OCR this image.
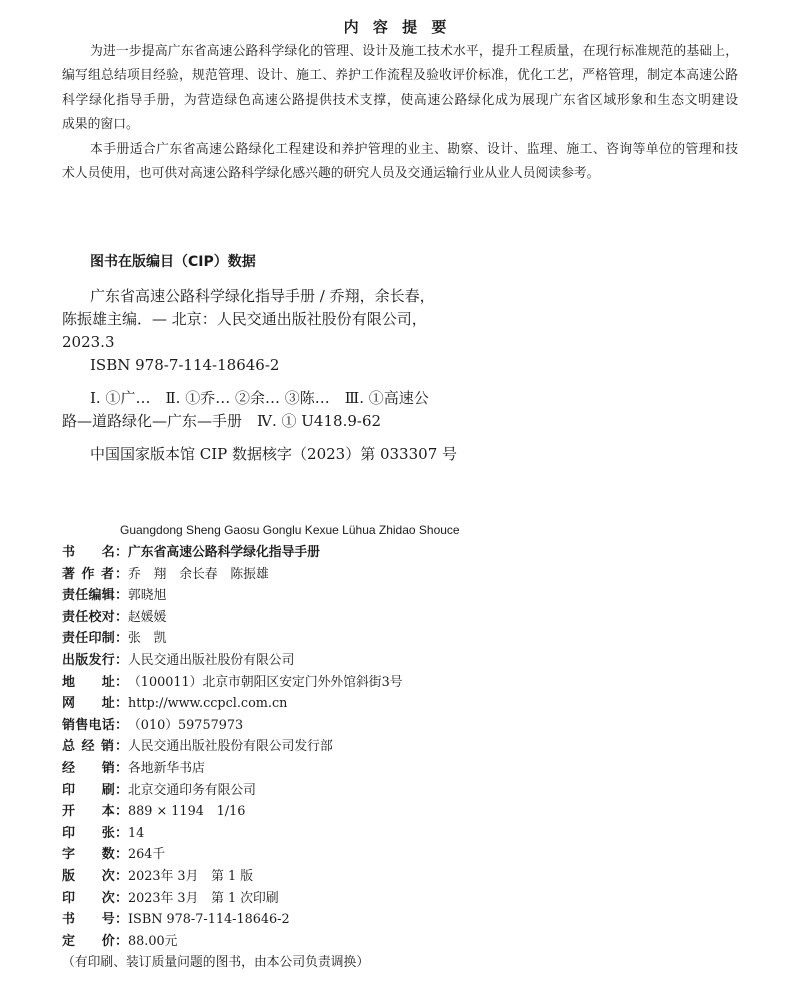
内 容 提 要
为进一步提高广东省高速公路科学绿化的管理、设计及施工技术水平，提升工程质量，在现行标准规范的基础上，
编写组总结项目经验，规范管理、设计、施工、养护工作流程及验收评价标准，优化工艺，严格管理，制定本高速公路
科学绿化指导手册，为营造绿色高速公路提供技术支撑，使高速公路绿化成为展现广东省区域形象和生态文明建设
成果的窗口。
本手册适合广东省高速公路绿化工程建设和养护管理的业主、勘察、设计、监理、施工、咨询等单位的管理和技
术人员使用，也可供对高速公路科学绿化感兴趣的研究人员及交通运输行业从业人员阅读参考。
图书在版编目（CIP）数据
广东省高速公路科学绿化指导手册 / 乔翔，余长春，
陈振雄主编．— 北京：人民交通出版社股份有限公司，
2023.3
ISBN 978-7-114-18646-2
Ⅰ. ①广…　Ⅱ. ①乔… ②余… ③陈…　Ⅲ. ①高速公
路—道路绿化—广东—手册　Ⅳ. ① U418.9-62
中国国家版本馆 CIP 数据核字（2023）第 033307 号
Guangdong Sheng Gaosu Gonglu Kexue Lühua Zhidao Shouce
书　　名：广东省高速公路科学绿化指导手册
著 作 者：乔　翔　余长春　陈振雄
责任编辑：郭晓旭
责任校对：赵媛媛
责任印制：张　凯
出版发行：人民交通出版社股份有限公司
地　　址：（100011）北京市朝阳区安定门外外馆斜街3号
网　　址：http://www.ccpcl.com.cn
销售电话：（010）59757973
总 经 销：人民交通出版社股份有限公司发行部
经　　销：各地新华书店
印　　刷：北京交通印务有限公司
开　　本：889 × 1194　1/16
印　　张：14
字　　数：264千
版　　次：2023年 3月　第 1 版
印　　次：2023年 3月　第 1 次印刷
书　　号：ISBN 978-7-114-18646-2
定　　价：88.00元
（有印刷、装订质量问题的图书，由本公司负责调换）
